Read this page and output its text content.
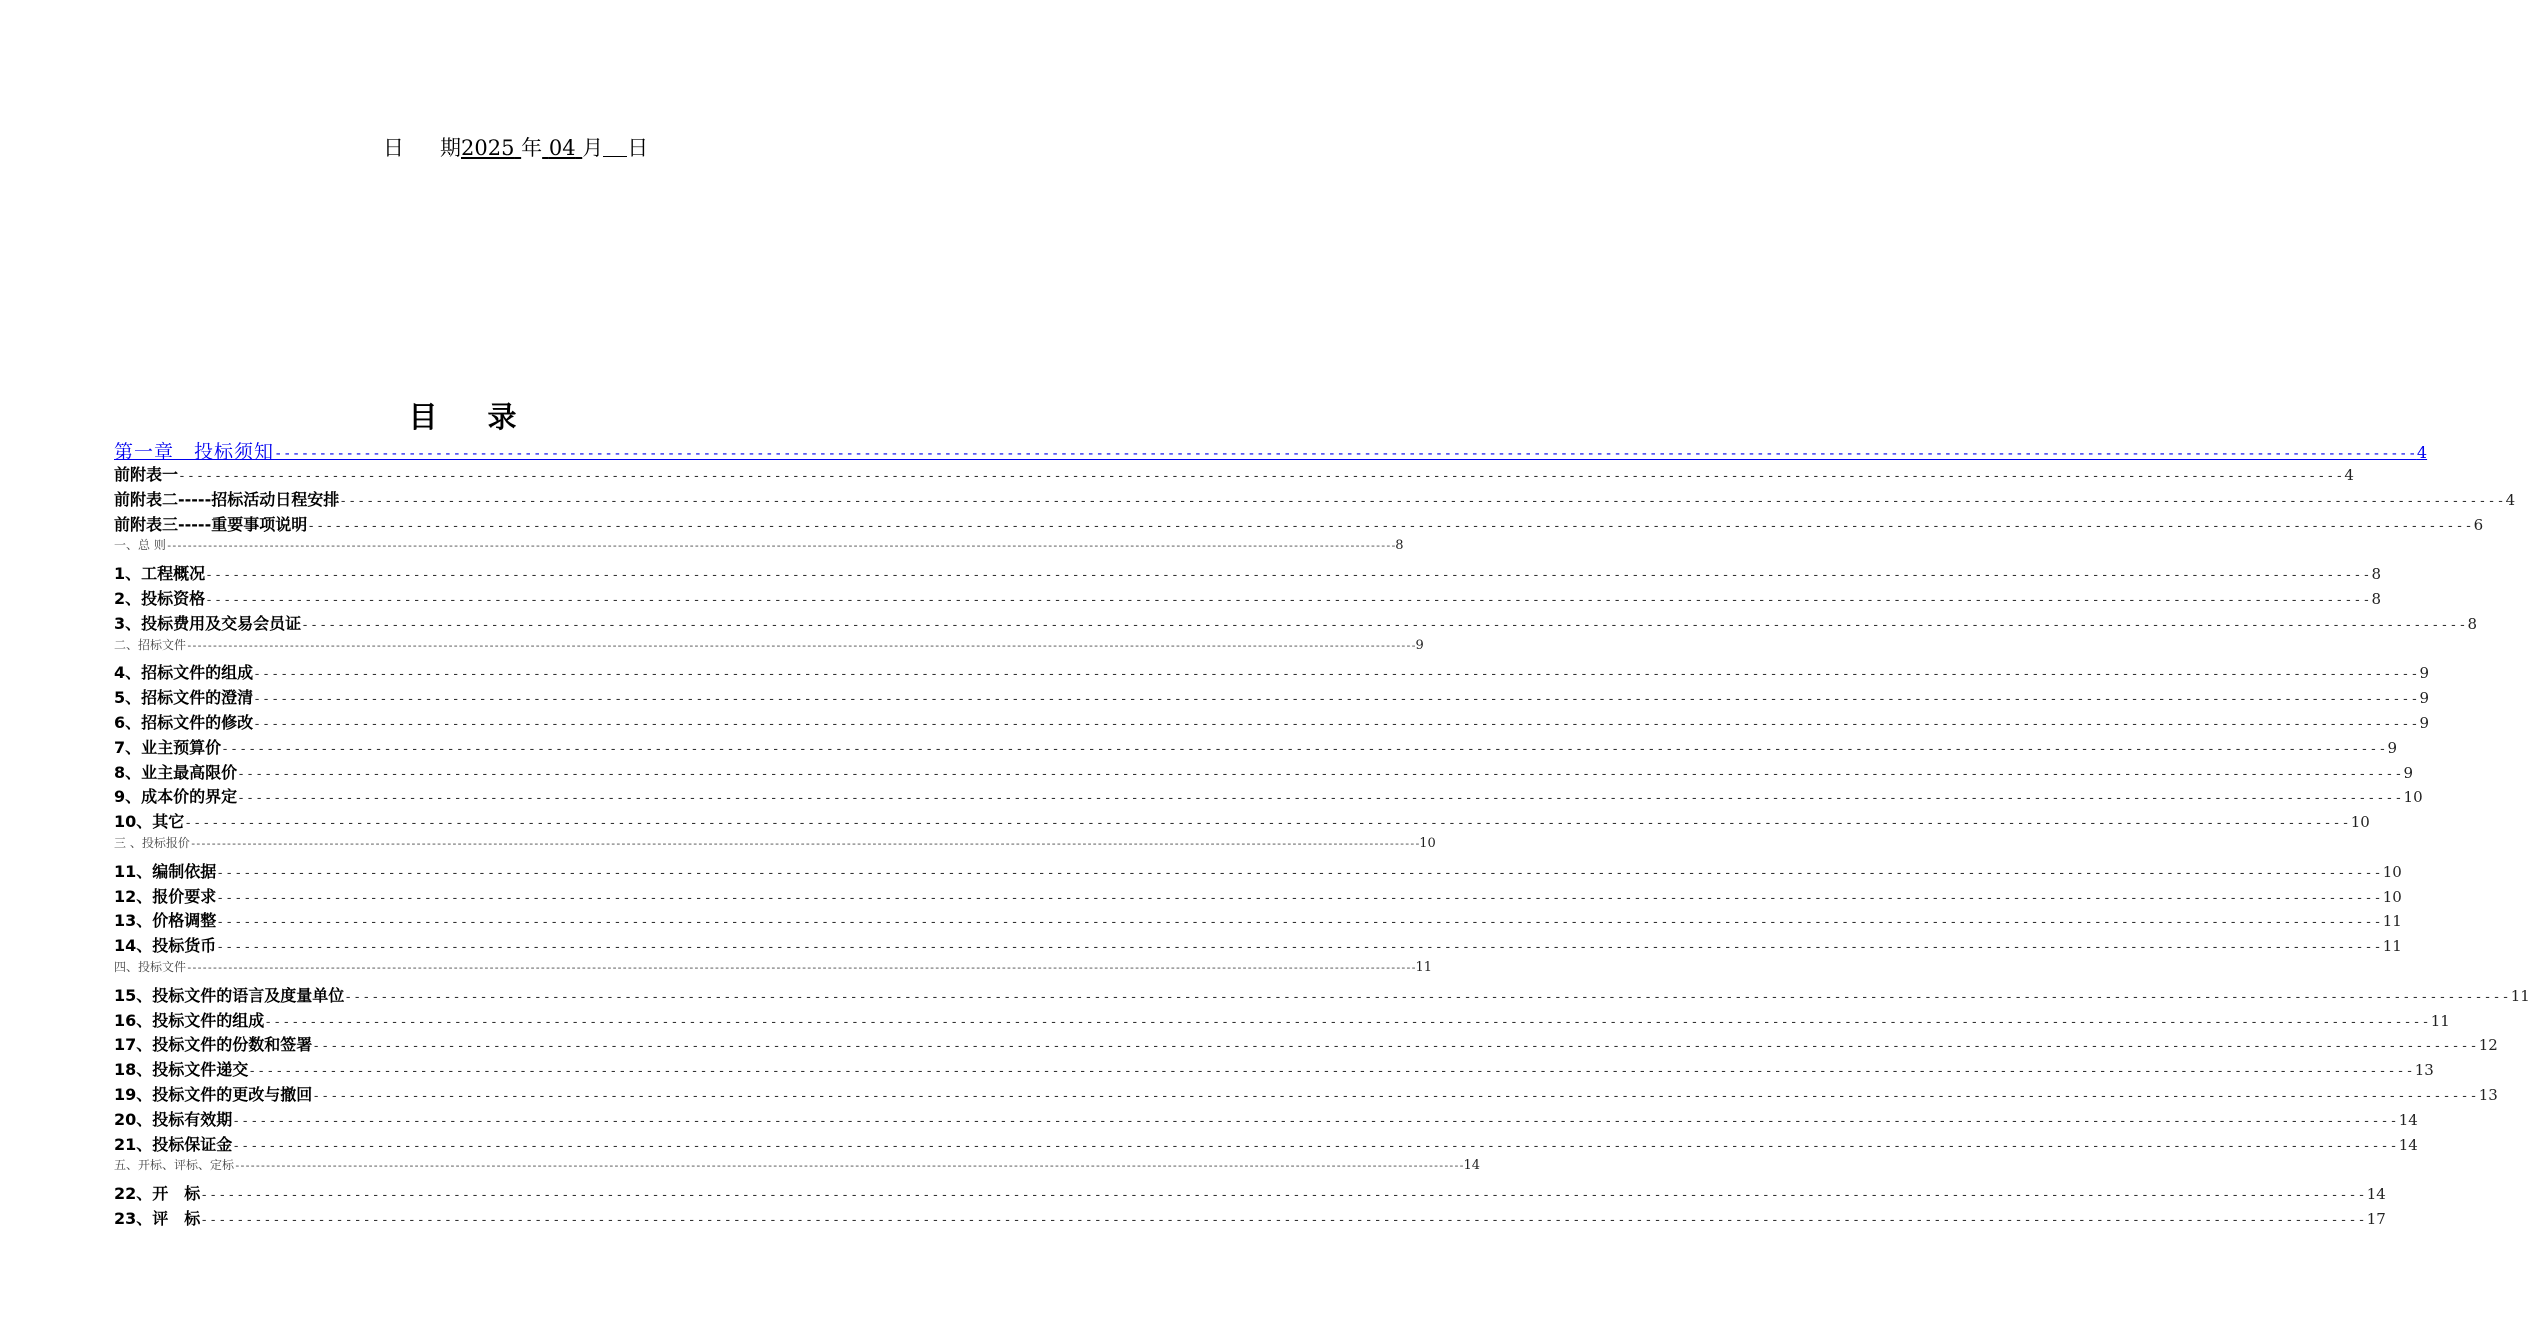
日 期2025 年 04 月 日
目录
第一章　投标须知 -----	4
前附表一 -----	4
前附表二-----招标活动日程安排 -----	4
前附表三-----重要事项说明 -----	6
一、总 则 -----	8
1、工程概况 -----	8
2、投标资格 -----	8
3、投标费用及交易会员证 -----	8
二、招标文件 -----	9
4、招标文件的组成 -----	9
5、招标文件的澄清 -----	9
6、招标文件的修改 -----	9
7、业主预算价 -----	9
8、业主最高限价 -----	9
9、成本价的界定 -----	10
10、其它 -----	10
三 、投标报价 -----	10
11、编制依据 -----	10
12、报价要求 -----	10
13、价格调整 -----	11
14、投标货币 -----	11
四、投标文件 -----	11
15、投标文件的语言及度量单位 -----	11
16、投标文件的组成 -----	11
17、投标文件的份数和签署 -----	12
18、投标文件递交 -----	13
19、投标文件的更改与撤回 -----	13
20、投标有效期 -----	14
21、投标保证金 -----	14
五、开标、评标、定标 -----	14
22、开　标 -----	14
23、评　标 -----	17
